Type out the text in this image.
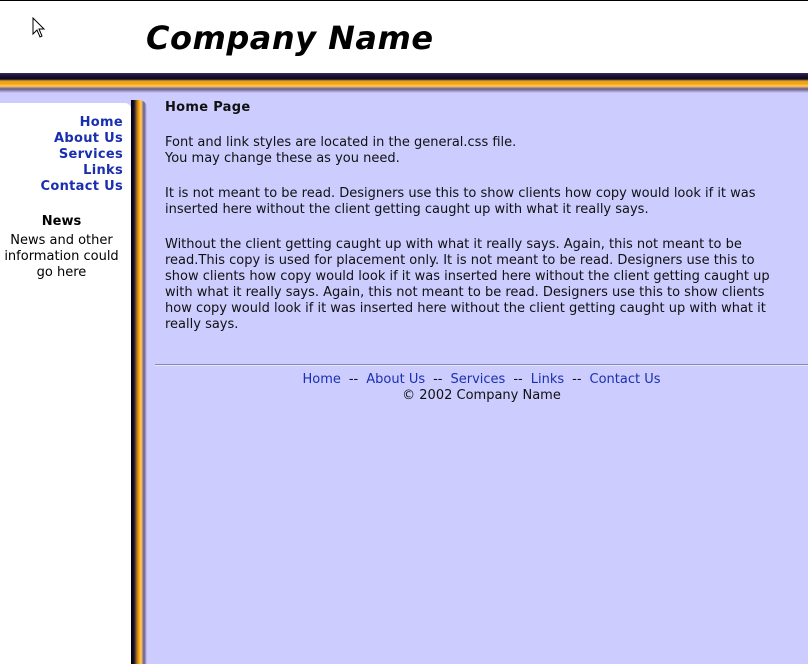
Company Name
Home
About Us
Services
Links
Contact Us
News
News and other
information could
go here
Home Page
Font and link styles are located in the general.css file.
You may change these as you need.
It is not meant to be read. Designers use this to show clients how copy would look if it was
inserted here without the client getting caught up with what it really says.
Without the client getting caught up with what it really says. Again, this not meant to be
read.This copy is used for placement only. It is not meant to be read. Designers use this to
show clients how copy would look if it was inserted here without the client getting caught up
with what it really says. Again, this not meant to be read. Designers use this to show clients
how copy would look if it was inserted here without the client getting caught up with what it
really says.
Home -- About Us -- Services -- Links -- Contact Us
© 2002 Company Name
